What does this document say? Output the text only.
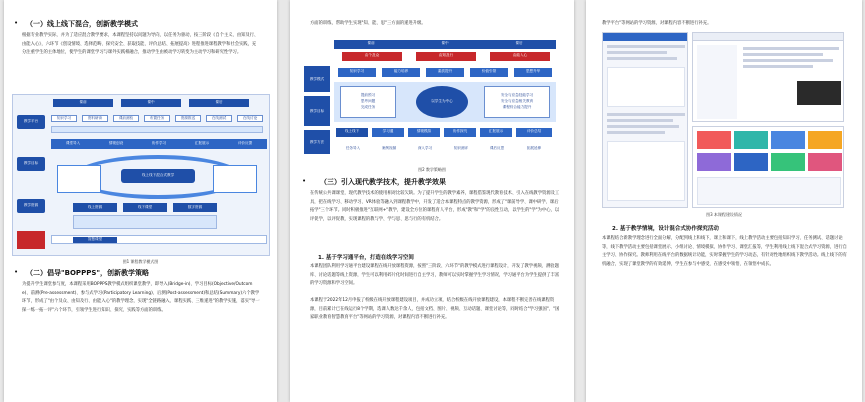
• （一）线上线下混合，创新教学模式
根据专业教学实际，并为了适应混合教学要求，本课程坚持以问题为导向，以任务为驱动，按三阶段《自个主义、由知及行、由能入心》，六环节《创设情境、选择范畴、探究安全、获取技能、评价总结、拓展提高》进程推进课程教学和社会实践，充分注重学生的主体地位，使学生的课堂学习与课外实践相融合，推动学生由被动学习转变为主动学习和研究性学习。
课前	课中	课后
教学平台
教学目标
教学资源
知识学习	资料研读	课前测验	布置任务	资源推送	在线测试	在线讨论
课堂导入	情境创设	协作学习	汇报展示	评价反馈
线上线下混合式教学
线上资源	线下课堂	数字资源
智慧课堂
图1 课程教学模式图
• （二）倡导"BOPPPS"，创新教学策略
为提升学生课堂参与度，本课程采用BOPPPS教学模式组织课堂教学，即导入(Bridge-in)、学习目标(Objective/Outcome)、前测(Pre-assessment)、参与式学习(Participatory Learning)、后测(Post-assessment)和总结(Summary)六个教学环节，形成了"由个及众、由知及行、由能入心"的教学理念，实现"全链路融入、课程实践、三维递进"的教学实施，落实"导一探一练一拓一评"六个环节，引领学生进行知识、探究、实践等方面的训练。
方面的训练，帮助学生实现"知、能、思"三方面的递进升级。
课前	课中	课后
由个及众	由知及行	由能入心
教学模式
教学目标
教学方法
知识学习	能力培养	素质提升	价值引领	思想升华
提前预习
思考问题
完成任务
以学生为中心
安全与应急技能学习
安全与应急相关教育
课程综合能力提升
线上线下	学习通	情境模拟	协作探究	汇报展示	评价总结
任务导入	案例视频	深入学习	知识测评	课后反思	拓展延伸
图2 教学策略图
• （三）引入现代教学技术，提升教学效果
在传统公共课课堂，现代教学技术的使用相对比较欠缺。为了提升学生的教学素养，课程借鉴现代教育技术、引入在线教学资源及工具，把在线学习、移动学习、VR体验等融入到课程教学中，开发了适合本课程特点的教学资源，形成了"课前导学、课中研学、课后拓学"三个环节。同时积极推进"互联网+"教学，建设全方位的课程育人平台，形成"教"和"学"的良性互动，以学生的"学"为中心，以评促学，以评促教，实现课程的教与学、学与思、思与行的有机结合。
1. 基于学习通平台，打造在线学习空间
本课程团队利用学习通平台建设课程在线开放课程资源，按照"三阶段、六环节"的教学模式进行课程设计，开发了教学视频、测验题库、讨论话题等线上资源，学生可以利用碎片化时间进行自主学习，教师可以实时掌握学生学习情况，学习通平台为学生提供了丰富的学习资源和学习空间。
本课程于2022年12月申报了校级在线开放课程建设项目，并成功立项，结合校级在线开放课程建设，本课程不断完善在线课程资源，目前累计已在线运行8个学期，选课人数达千余人，包括文档、图片、视频、互动话题、课堂讨论等，同时结合"学习强国"、"国家职业教育智慧教育平台"等网站的学习资源，对课程内容不断进行补充。
教学平台"等网站的学习资源，对课程内容不断进行补充。
图3 本课程建设情况
2. 基于教学情境，设计混合式协作探究活动
本课程结合新教学理念进行全面分解，分配到线上和线下，课上和课下，线上教学活动主要包括知识学习、任务测试、话题讨论等，线下教学活动主要包括课堂展示、小组讨论、情境模拟、协作学习、课堂汇报等，学生利用线上线下混合式学习资源，进行自主学习、协作探究。教师利用在线平台的数据统计功能，实时掌握学生的学习动态，有针对性地组织线下教学活动。线上线下的有机融合，实现了课堂教学的有效延伸，学生在参与中感受，在感受中领悟，在领悟中成长。
